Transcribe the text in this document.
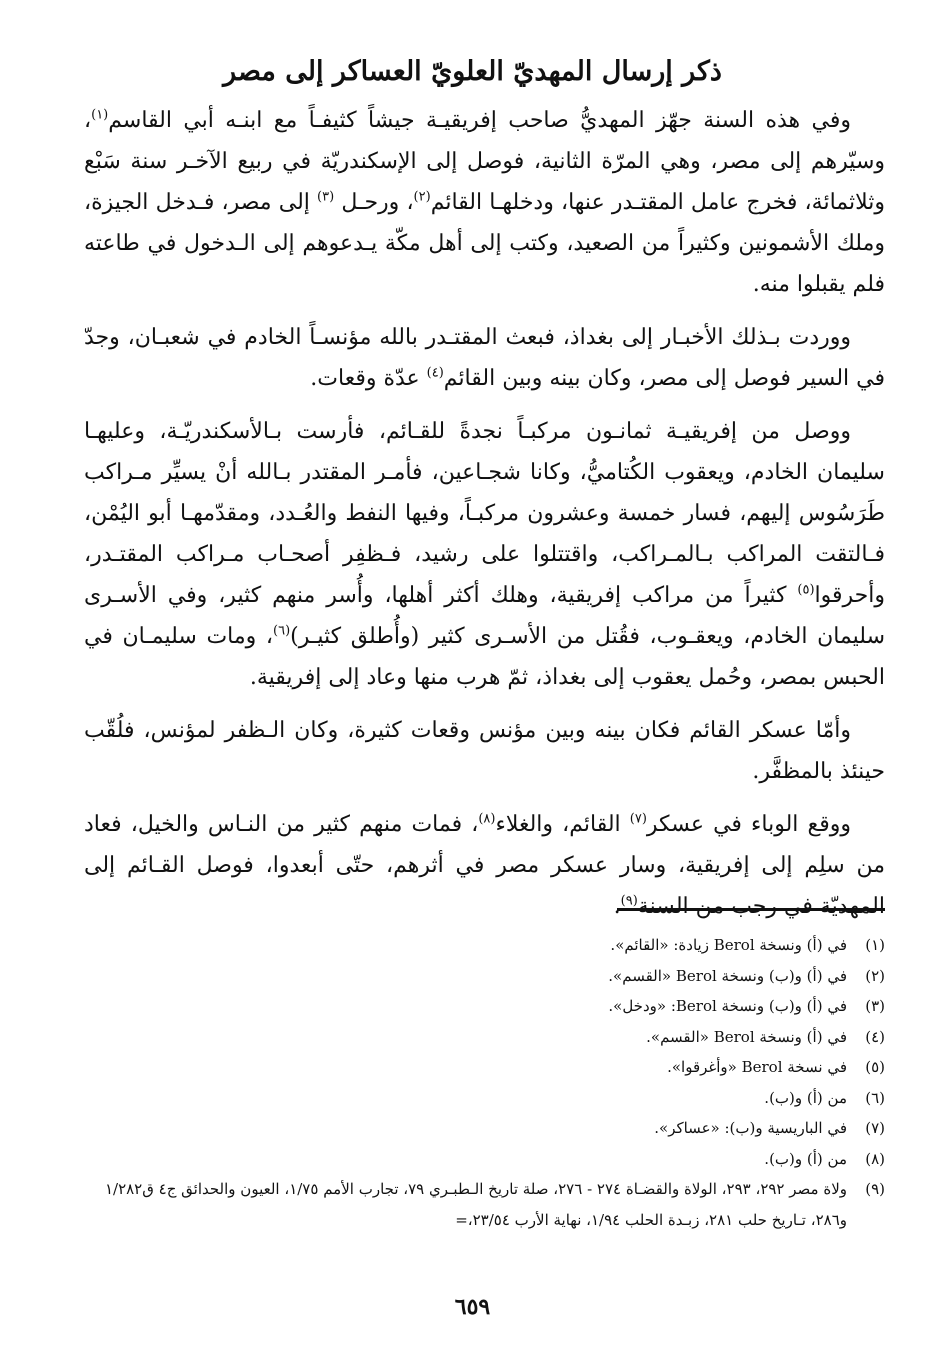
ذكر إرسال المهديّ العلويّ العساكر إلى مصر

وفي هذه السنة جهّز المهديُّ صاحب إفريقيـة جيشاً كثيفـاً مع ابنـه أبي القاسم$^{(١)}$، وسيّرهم إلى مصر، وهي المرّة الثانية، فوصل إلى الإسكندريّة في ربيع الآخـر سنة سَبْع وثلاثمائة، فخرج عامل المقتـدر عنها، ودخلهـا القائم$^{(٢)}$، ورحـل $^{(٣)}$ إلى مصر، فـدخل الجيزة، وملك الأشمونين وكثيراً من الصعيد، وكتب إلى أهل مكّة يـدعوهم إلى الـدخول في طاعته فلم يقبلوا منه.

ووردت بـذلك الأخبـار إلى بغداذ، فبعث المقتـدر بالله مؤنسـاً الخادم في شعبـان، وجدّ في السير فوصل إلى مصر، وكان بينه وبين القائم$^{(٤)}$ عدّة وقعات.

ووصل من إفريقيـة ثمانـون مركبـاً نجدةً للقـائم، فأرست بـالأسكندريّـة، وعليهـا سليمان الخادم، ويعقوب الكُتاميُّ، وكانا شجـاعين، فأمـر المقتدر بـالله أنْ يسيِّر مـراكب طَرَسُوس إليهم، فسار خمسة وعشرون مركبـاً، وفيها النفط والعُـدد، ومقدّمهـا أبو اليُمْن، فـالتقت المراكب بـالمـراكب، واقتتلوا على رشيد، فـظفِر أصحـاب مـراكب المقتـدر، وأحرقوا$^{(٥)}$ كثيراً من مراكب إفريقية، وهلك أكثر أهلها، وأُسر منهم كثير، وفي الأسـرى سليمان الخادم، ويعقـوب، فقُتل من الأسـرى كثير (وأُطلق كثيـر)$^{(٦)}$، ومات سليمـان في الحبس بمصر، وحُمل يعقوب إلى بغداذ، ثمّ هرب منها وعاد إلى إفريقية.

وأمّا عسكر القائم فكان بينه وبين مؤنس وقعات كثيرة، وكان الـظفر لمؤنس، فلُقّب حينئذ بالمظفَّر.

ووقع الوباء في عسكر$^{(٧)}$ القائم، والغلاء$^{(٨)}$، فمات منهم كثير من النـاس والخيل، فعاد من سلِم إلى إفريقية، وسار عسكر مصر في أثرهم، حتّى أبعدوا، فوصل القـائم إلى المهديّة في رجب من السنة$^{(٩)}$.

(١)
في (أ) ونسخة Berol زيادة: «القائم».
(٢)
في (أ) و(ب) ونسخة Berol «القسم».
(٣)
في (أ) و(ب) ونسخة Berol: «ودخل».
(٤)
في (أ) ونسخة Berol «القسم».
(٥)
في نسخة Berol «وأغرقوا».
(٦)
من (أ) و(ب).
(٧)
في الباريسية و(ب): «عساكر».
(٨)
من (أ) و(ب).
(٩)
ولاة مصر ٢٩٢، ٢٩٣، الولاة والقضـاة ٢٧٤ - ٢٧٦، صلة تاريخ الـطبـري ٧٩، تجارب الأمم ١/٧٥، العيون والحدائق ج٤ ق١/٢٨٢ و٢٨٦، تـاريخ حلب ٢٨١، زبـدة الحلب ١/٩٤، نهاية الأرب ٢٣/٥٤،=
٦٥٩
